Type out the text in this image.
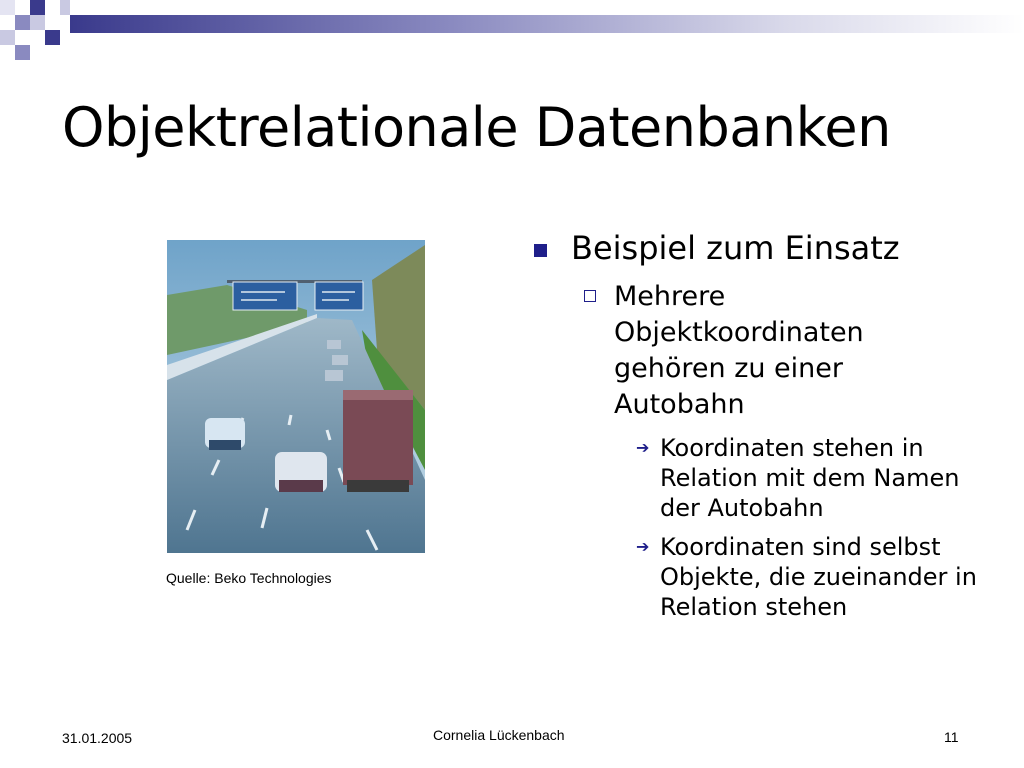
Objektrelationale Datenbanken
Quelle: Beko Technologies
Beispiel zum Einsatz
Mehrere Objektkoordinaten gehören zu einer Autobahn
➔ Koordinaten stehen in Relation mit dem Namen der Autobahn
➔ Koordinaten sind selbst Objekte, die zueinander in Relation stehen
31.01.2005	Cornelia Lückenbach	11
